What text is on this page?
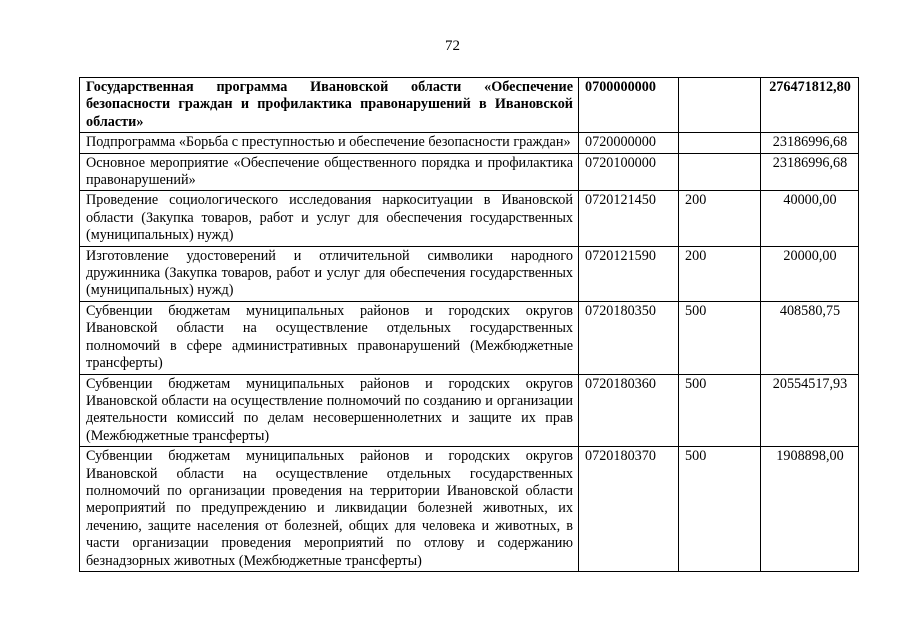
72
Государственная программа Ивановской области «Обеспечение безопасности граждан и профилактика правонарушений в Ивановской области»	0700000000		276471812,80
Подпрограмма «Борьба с преступностью и обеспечение безопасности граждан»	0720000000		23186996,68
Основное мероприятие «Обеспечение общественного порядка и профилактика правонарушений»	0720100000		23186996,68
Проведение социологического исследования наркоситуации в Ивановской области (Закупка товаров, работ и услуг для обеспечения государственных (муниципальных) нужд)	0720121450	200	40000,00
Изготовление удостоверений и отличительной символики народного дружинника (Закупка товаров, работ и услуг для обеспечения государственных (муниципальных) нужд)	0720121590	200	20000,00
Субвенции бюджетам муниципальных районов и городских округов Ивановской области на осуществление отдельных государственных полномочий в сфере административных правонарушений (Межбюджетные трансферты)	0720180350	500	408580,75
Субвенции бюджетам муниципальных районов и городских округов Ивановской области на осуществление полномочий по созданию и организации деятельности комиссий по делам несовершеннолетних и защите их прав (Межбюджетные трансферты)	0720180360	500	20554517,93
Субвенции бюджетам муниципальных районов и городских округов Ивановской области на осуществление отдельных государственных полномочий по организации проведения на территории Ивановской области мероприятий по предупреждению и ликвидации болезней животных, их лечению, защите населения от болезней, общих для человека и животных, в части организации проведения мероприятий по отлову и содержанию безнадзорных животных (Межбюджетные трансферты)	0720180370	500	1908898,00
